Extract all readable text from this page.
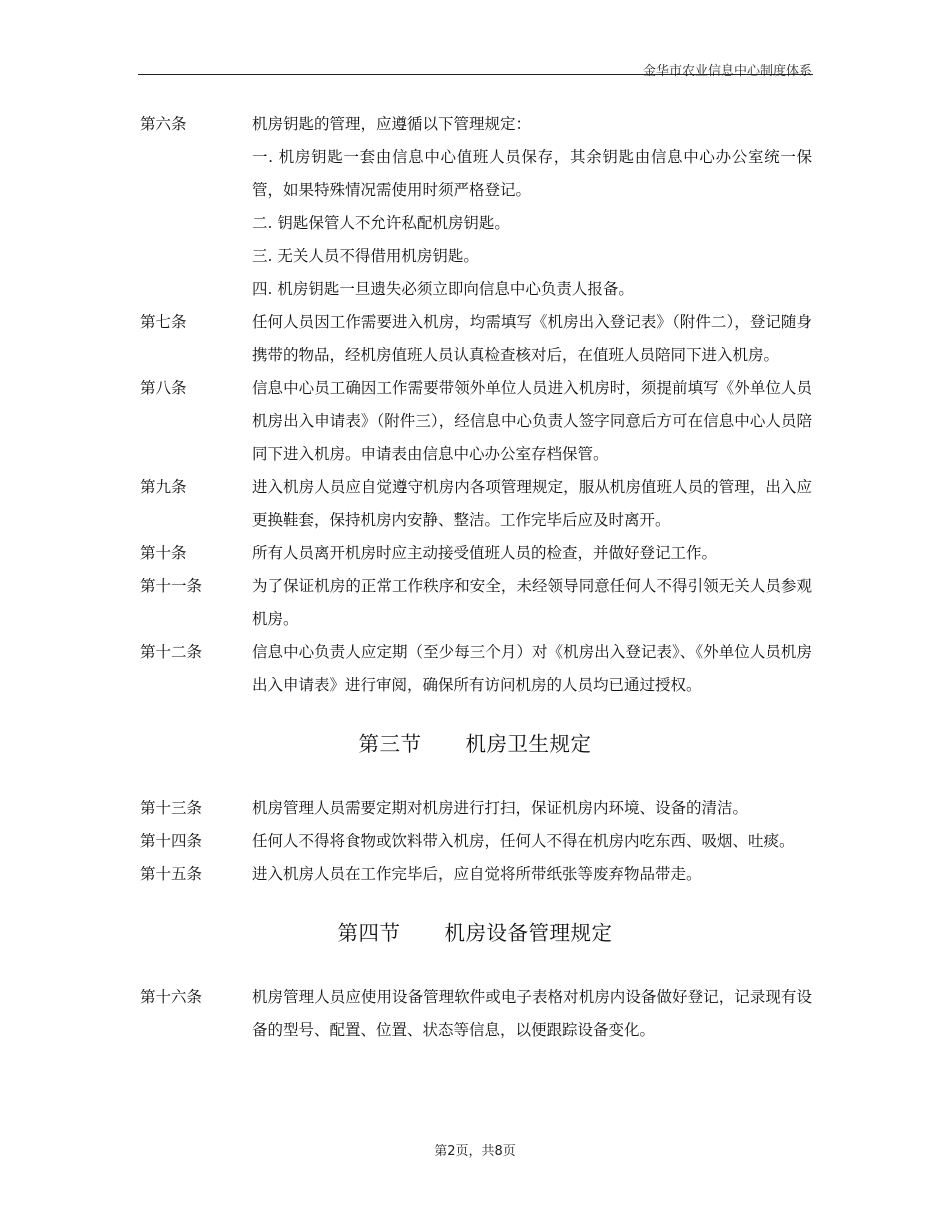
金华市农业信息中心制度体系
第六条	机房钥匙的管理，应遵循以下管理规定：
一. 机房钥匙一套由信息中心值班人员保存，其余钥匙由信息中心办公室统一保管，如果特殊情况需使用时须严格登记。
二. 钥匙保管人不允许私配机房钥匙。
三. 无关人员不得借用机房钥匙。
四. 机房钥匙一旦遗失必须立即向信息中心负责人报备。
第七条	任何人员因工作需要进入机房，均需填写《机房出入登记表》（附件二），登记随身携带的物品，经机房值班人员认真检查核对后，在值班人员陪同下进入机房。
第八条	信息中心员工确因工作需要带领外单位人员进入机房时，须提前填写《外单位人员机房出入申请表》（附件三），经信息中心负责人签字同意后方可在信息中心人员陪同下进入机房。申请表由信息中心办公室存档保管。
第九条	进入机房人员应自觉遵守机房内各项管理规定，服从机房值班人员的管理，出入应更换鞋套，保持机房内安静、整洁。工作完毕后应及时离开。
第十条	所有人员离开机房时应主动接受值班人员的检查，并做好登记工作。
第十一条	为了保证机房的正常工作秩序和安全，未经领导同意任何人不得引领无关人员参观机房。
第十二条	信息中心负责人应定期（至少每三个月）对《机房出入登记表》、《外单位人员机房出入申请表》进行审阅，确保所有访问机房的人员均已通过授权。
第三节 机房卫生规定
第十三条	机房管理人员需要定期对机房进行打扫，保证机房内环境、设备的清洁。
第十四条	任何人不得将食物或饮料带入机房，任何人不得在机房内吃东西、吸烟、吐痰。
第十五条	进入机房人员在工作完毕后，应自觉将所带纸张等废弃物品带走。
第四节 机房设备管理规定
第十六条	机房管理人员应使用设备管理软件或电子表格对机房内设备做好登记，记录现有设备的型号、配置、位置、状态等信息，以便跟踪设备变化。
第2页，共8页
